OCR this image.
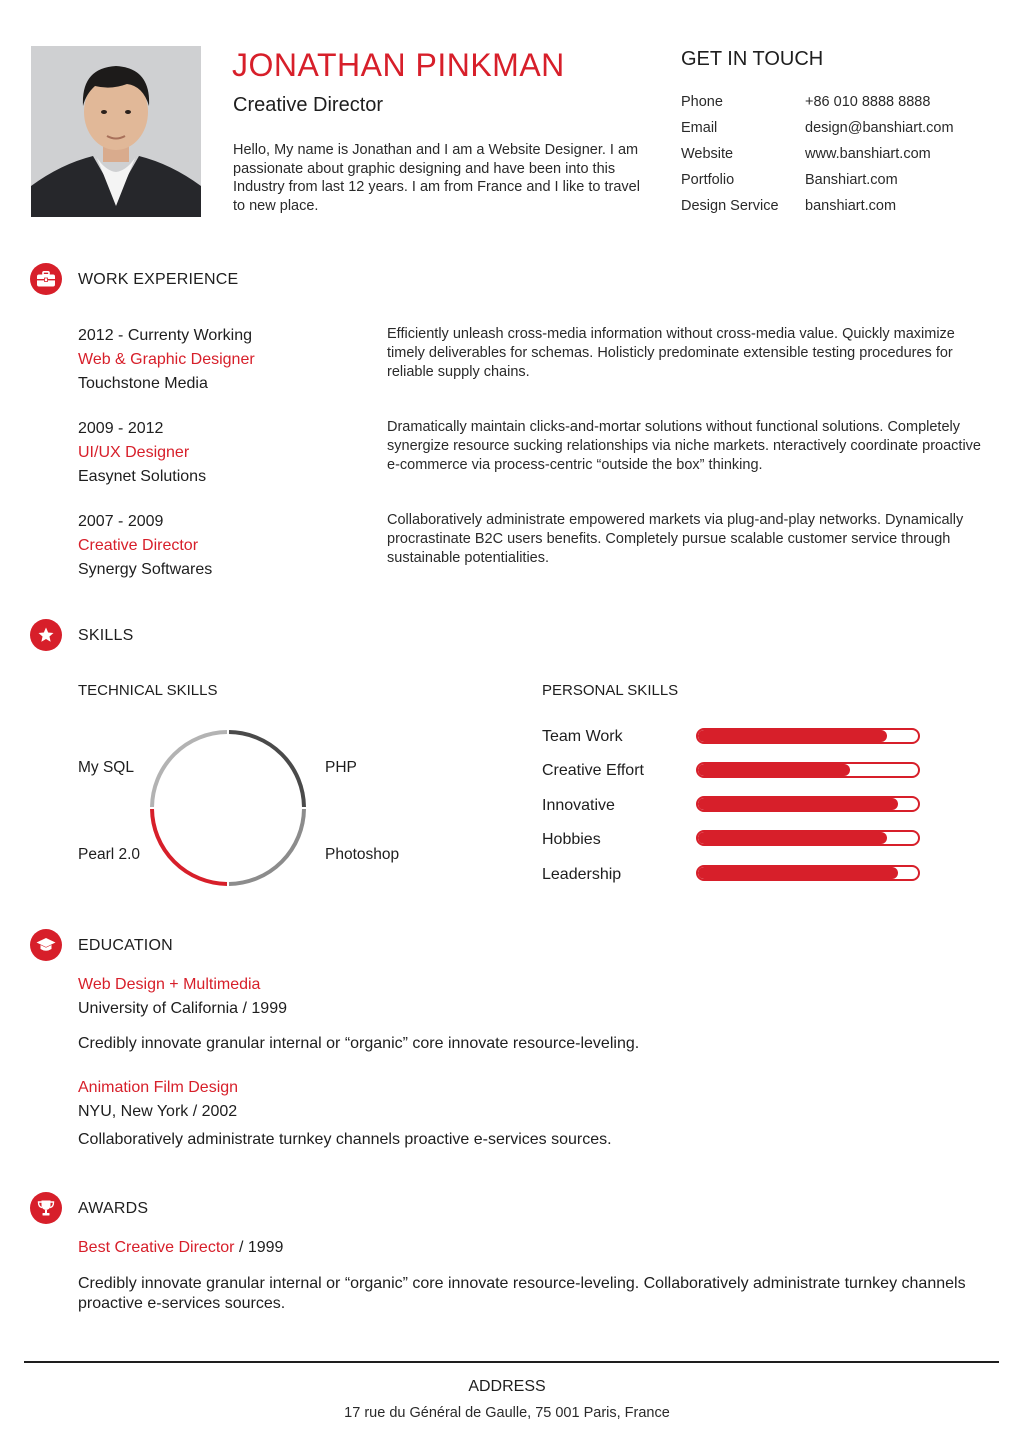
JONATHAN PINKMAN
Creative Director
Hello, My name is Jonathan and I am a Website Designer. I am passionate about graphic designing and have been into this Industry from last 12 years. I am from France and I like to travel to new place.
GET IN TOUCH
Phone	+86 010 8888 8888
Email	design@banshiart.com
Website	www.banshiart.com
Portfolio	Banshiart.com
Design Service	banshiart.com
WORK EXPERIENCE
2012 - Currenty Working
Web & Graphic Designer
Touchstone Media
Efficiently unleash cross-media information without cross-media value. Quickly maximize timely deliverables for schemas. Holisticly predominate extensible testing procedures for reliable supply chains.
2009 - 2012
UI/UX Designer
Easynet Solutions
Dramatically maintain clicks-and-mortar solutions without functional solutions. Completely synergize resource sucking relationships via niche markets. nteractively coordinate proactive e-commerce via process-centric “outside the box” thinking.
2007 - 2009
Creative Director
Synergy Softwares
Collaboratively administrate empowered markets via plug-and-play networks. Dynamically procrastinate B2C users benefits. Completely pursue scalable customer service through sustainable potentialities.
SKILLS
TECHNICAL SKILLS
My SQL	PHP
Photoshop
Pearl 2.0
PERSONAL SKILLS
Team Work
Creative Effort
Innovative
Hobbies
Leadership
EDUCATION
Web Design + Multimedia
University of California / 1999
Credibly innovate granular internal or “organic” core innovate resource-leveling.
Animation Film Design
NYU, New York / 2002
Collaboratively administrate turnkey channels proactive e-services sources.
AWARDS
Best Creative Director / 1999
Credibly innovate granular internal or “organic” core innovate resource-leveling. Collaboratively administrate turnkey channels proactive e-services sources.
ADDRESS
17 rue du Général de Gaulle, 75 001 Paris, France
